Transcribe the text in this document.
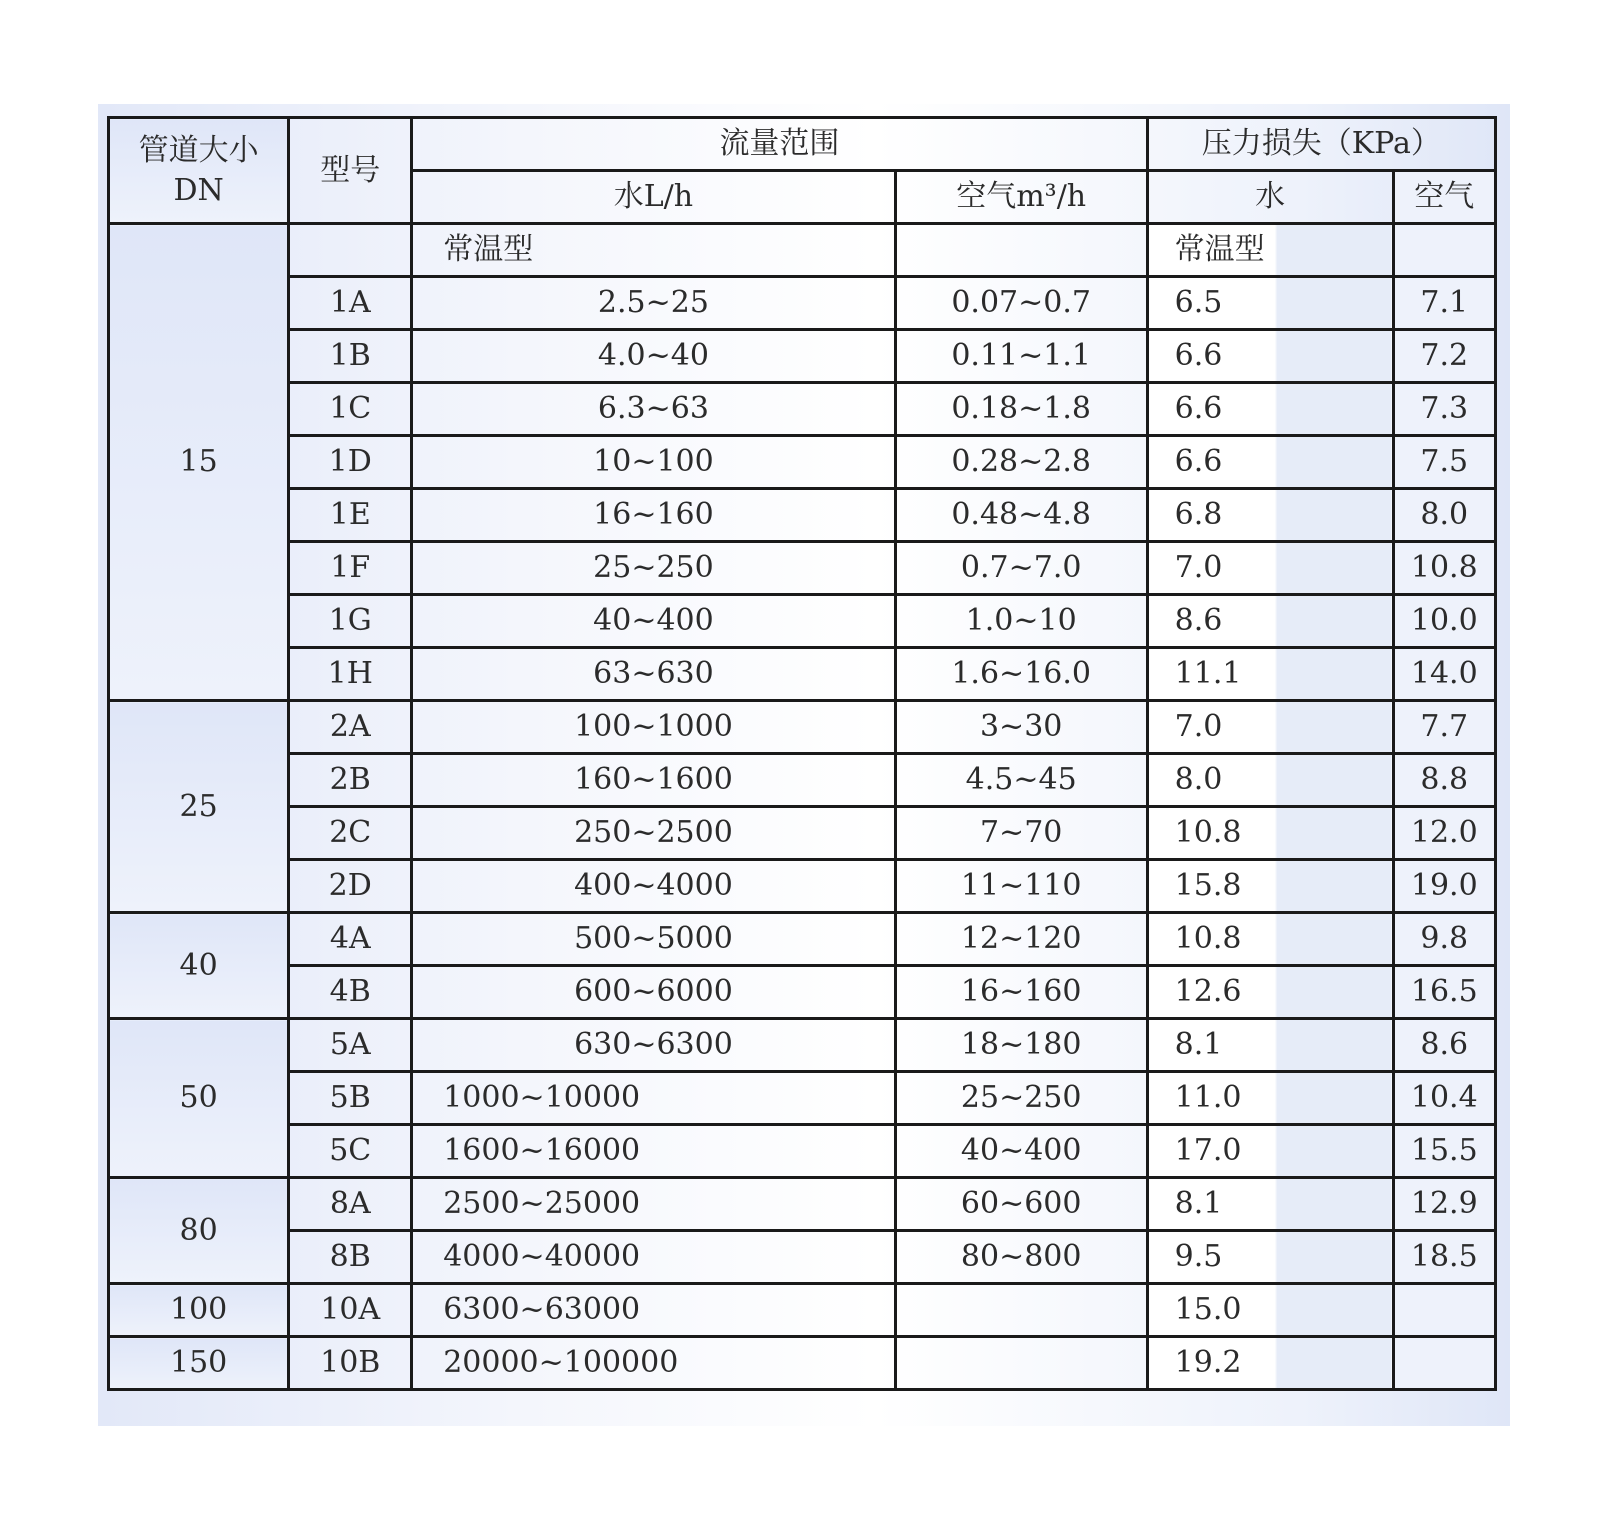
管道大小 DN	型号	流量范围		压力损失（KPa）	
		水L/h	空气m³/h	水	空气
15		常温型		常温型	
	1A	2.5~25	0.07~0.7	6.5	7.1
	1B	4.0~40	0.11~1.1	6.6	7.2
	1C	6.3~63	0.18~1.8	6.6	7.3
	1D	10~100	0.28~2.8	6.6	7.5
	1E	16~160	0.48~4.8	6.8	8.0
	1F	25~250	0.7~7.0	7.0	10.8
	1G	40~400	1.0~10	8.6	10.0
	1H	63~630	1.6~16.0	11.1	14.0
25	2A	100~1000	3~30	7.0	7.7
	2B	160~1600	4.5~45	8.0	8.8
	2C	250~2500	7~70	10.8	12.0
	2D	400~4000	11~110	15.8	19.0
40	4A	500~5000	12~120	10.8	9.8
	4B	600~6000	16~160	12.6	16.5
50	5A	630~6300	18~180	8.1	8.6
	5B	1000~10000	25~250	11.0	10.4
	5C	1600~16000	40~400	17.0	15.5
80	8A	2500~25000	60~600	8.1	12.9
	8B	4000~40000	80~800	9.5	18.5
100	10A	6300~63000		15.0	
150	10B	20000~100000		19.2	
